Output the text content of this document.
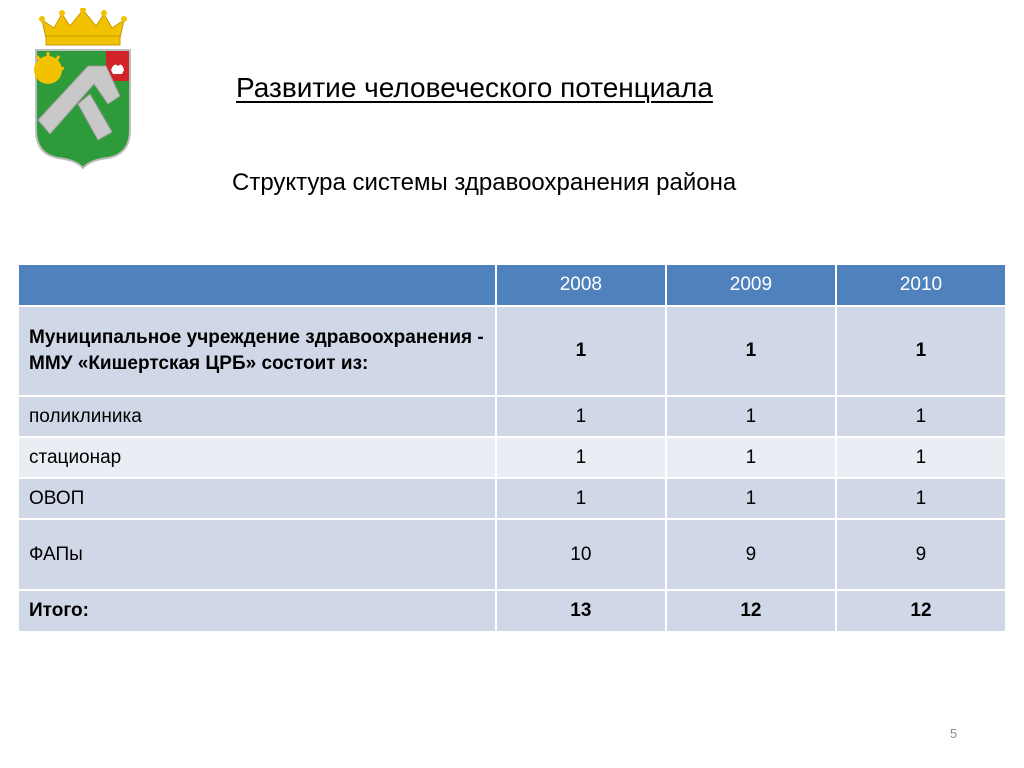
Развитие человеческого потенциала
Структура системы здравоохранения района
	2008	2009	2010
Муниципальное учреждение здравоохранения - ММУ «Кишертская ЦРБ» состоит из:	1	1	1
поликлиника	1	1	1
стационар	1	1	1
ОВОП	1	1	1
ФАПы	10	9	9
Итого:	13	12	12
5
